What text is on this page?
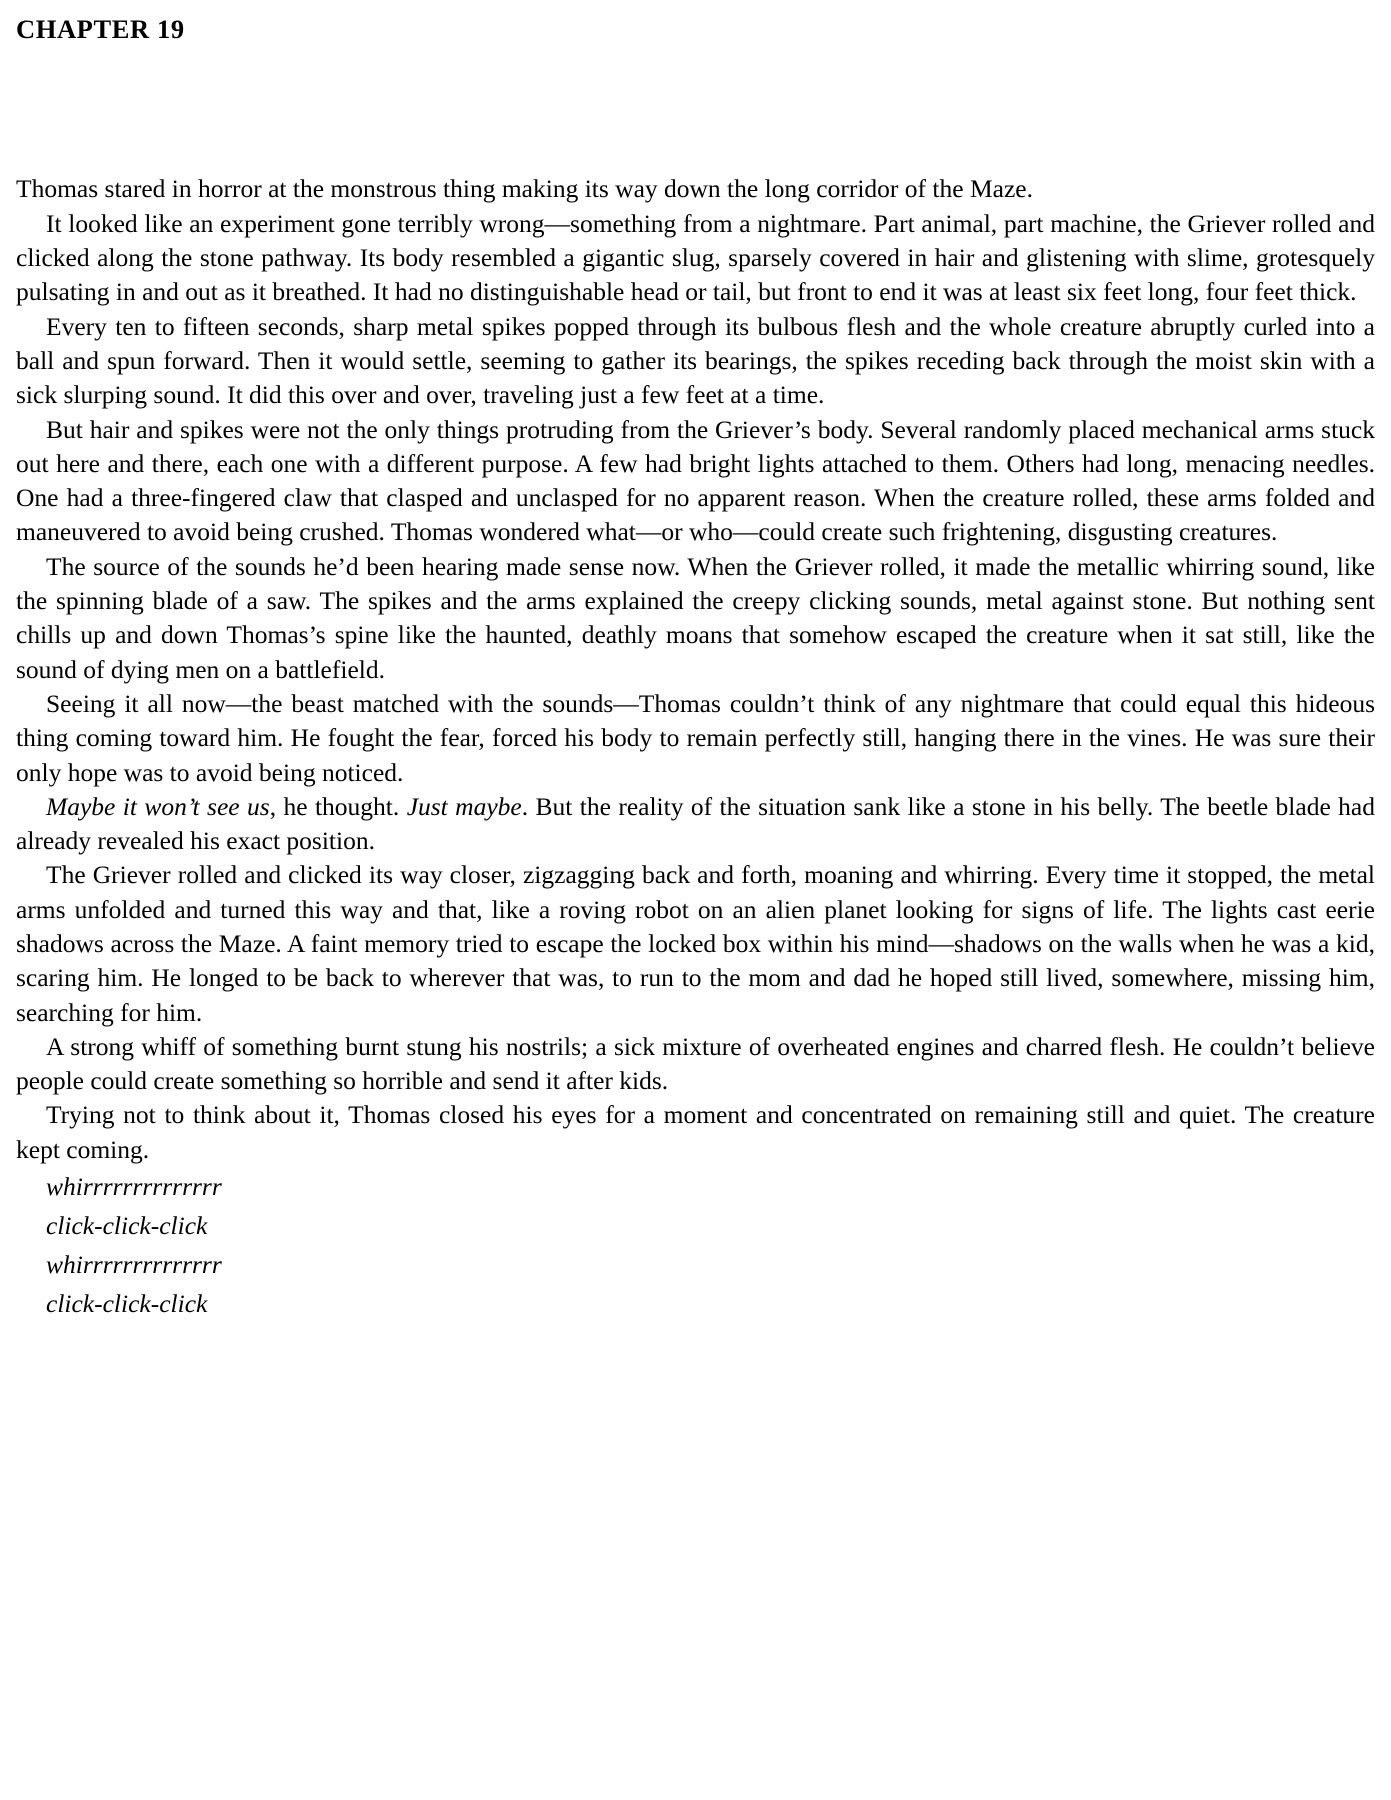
CHAPTER 19

Thomas stared in horror at the monstrous thing making its way down the long corridor of the Maze.

It looked like an experiment gone terribly wrong—something from a nightmare. Part animal, part machine, the Griever rolled and clicked along the stone pathway. Its body resembled a gigantic slug, sparsely covered in hair and glistening with slime, grotesquely pulsating in and out as it breathed. It had no distinguishable head or tail, but front to end it was at least six feet long, four feet thick.

Every ten to fifteen seconds, sharp metal spikes popped through its bulbous flesh and the whole creature abruptly curled into a ball and spun forward. Then it would settle, seeming to gather its bearings, the spikes receding back through the moist skin with a sick slurping sound. It did this over and over, traveling just a few feet at a time.

But hair and spikes were not the only things protruding from the Griever’s body. Several randomly placed mechanical arms stuck out here and there, each one with a different purpose. A few had bright lights attached to them. Others had long, menacing needles. One had a three-fingered claw that clasped and unclasped for no apparent reason. When the creature rolled, these arms folded and maneuvered to avoid being crushed. Thomas wondered what—or who—could create such frightening, disgusting creatures.

The source of the sounds he’d been hearing made sense now. When the Griever rolled, it made the metallic whirring sound, like the spinning blade of a saw. The spikes and the arms explained the creepy clicking sounds, metal against stone. But nothing sent chills up and down Thomas’s spine like the haunted, deathly moans that somehow escaped the creature when it sat still, like the sound of dying men on a battlefield.

Seeing it all now—the beast matched with the sounds—Thomas couldn’t think of any nightmare that could equal this hideous thing coming toward him. He fought the fear, forced his body to remain perfectly still, hanging there in the vines. He was sure their only hope was to avoid being noticed.

Maybe it won’t see us, he thought. Just maybe. But the reality of the situation sank like a stone in his belly. The beetle blade had already revealed his exact position.

The Griever rolled and clicked its way closer, zigzagging back and forth, moaning and whirring. Every time it stopped, the metal arms unfolded and turned this way and that, like a roving robot on an alien planet looking for signs of life. The lights cast eerie shadows across the Maze. A faint memory tried to escape the locked box within his mind—shadows on the walls when he was a kid, scaring him. He longed to be back to wherever that was, to run to the mom and dad he hoped still lived, somewhere, missing him, searching for him.

A strong whiff of something burnt stung his nostrils; a sick mixture of overheated engines and charred flesh. He couldn’t believe people could create something so horrible and send it after kids.

Trying not to think about it, Thomas closed his eyes for a moment and concentrated on remaining still and quiet. The creature kept coming.

whirrrrrrrrrrrrrr

click-click-click

whirrrrrrrrrrrrrr

click-click-click
